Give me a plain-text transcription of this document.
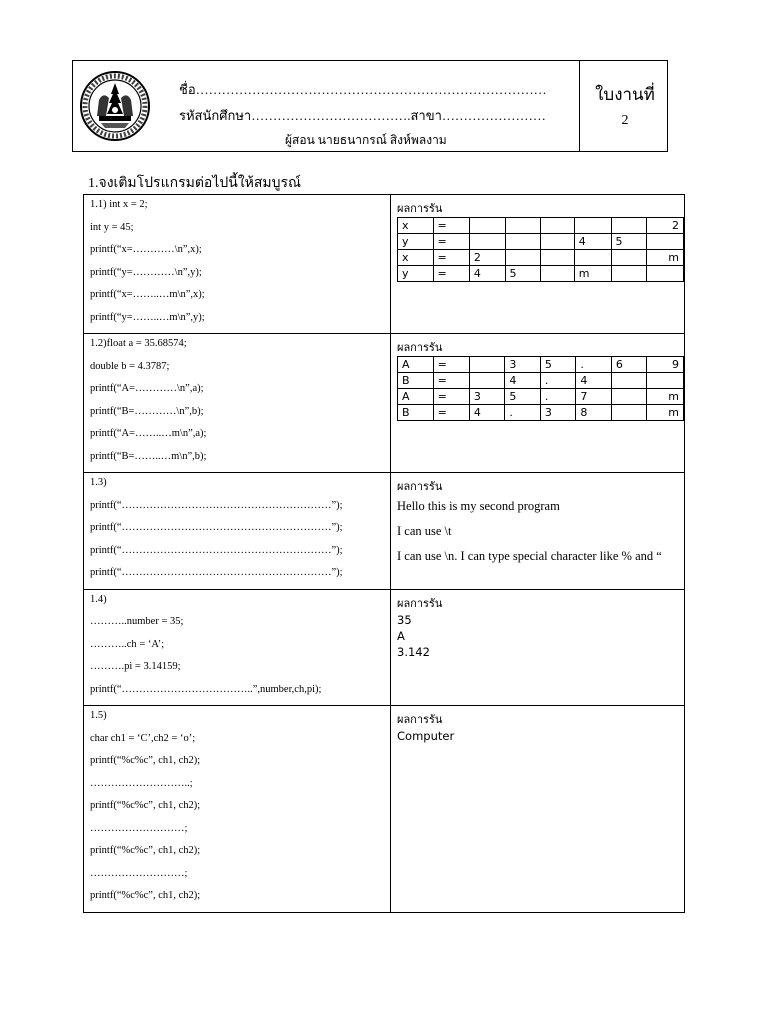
ชื่อ………………………………………………………………………
รหัสนักศึกษา……………………………….สาขา……………………
ผู้สอน นายธนากรณ์ สิงห์พลงาม
ใบงานที่
2
1.จงเติมโปรแกรมต่อไปนี้ให้สมบูรณ์
1.1) int x = 2;
int y = 45;
printf(“x=…………\n”,x);
printf(“y=…………\n”,y);
printf(“x=……..…m\n”,x);
printf(“y=……..…m\n”,y);

ผลการรัน
x	=						2
y	=				4	5	
x	=	2					m
y	=	4	5		m		

1.2)float a = 35.68574;
double b = 4.3787;
printf(“A=…………\n”,a);
printf(“B=…………\n”,b);
printf(“A=……..…m\n”,a);
printf(“B=……..…m\n”,b);

ผลการรัน
A	=		3	5	.	6	9
B	=		4	.	4		
A	=	3	5	.	7		m
B	=	4	.	3	8		m

1.3)
printf(“……………………………………………………”);
printf(“……………………………………………………”);
printf(“……………………………………………………”);
printf(“……………………………………………………”);

ผลการรัน
Hello this is my second program
I can use \t
I can use \n. I can type special character like % and “

1.4)
………..number = 35;
………..ch = ‘A’;
……….pi = 3.14159;
printf(“………………………………..”,number,ch,pi);

ผลการรัน
35
A
3.142

1.5)
char ch1 = ‘C’,ch2 = ‘o’;
printf(“%c%c”, ch1, ch2);
………………………..;
printf(“%c%c”, ch1, ch2);
………………………;
printf(“%c%c”, ch1, ch2);
………………………;
printf(“%c%c”, ch1, ch2);

ผลการรัน
Computer
